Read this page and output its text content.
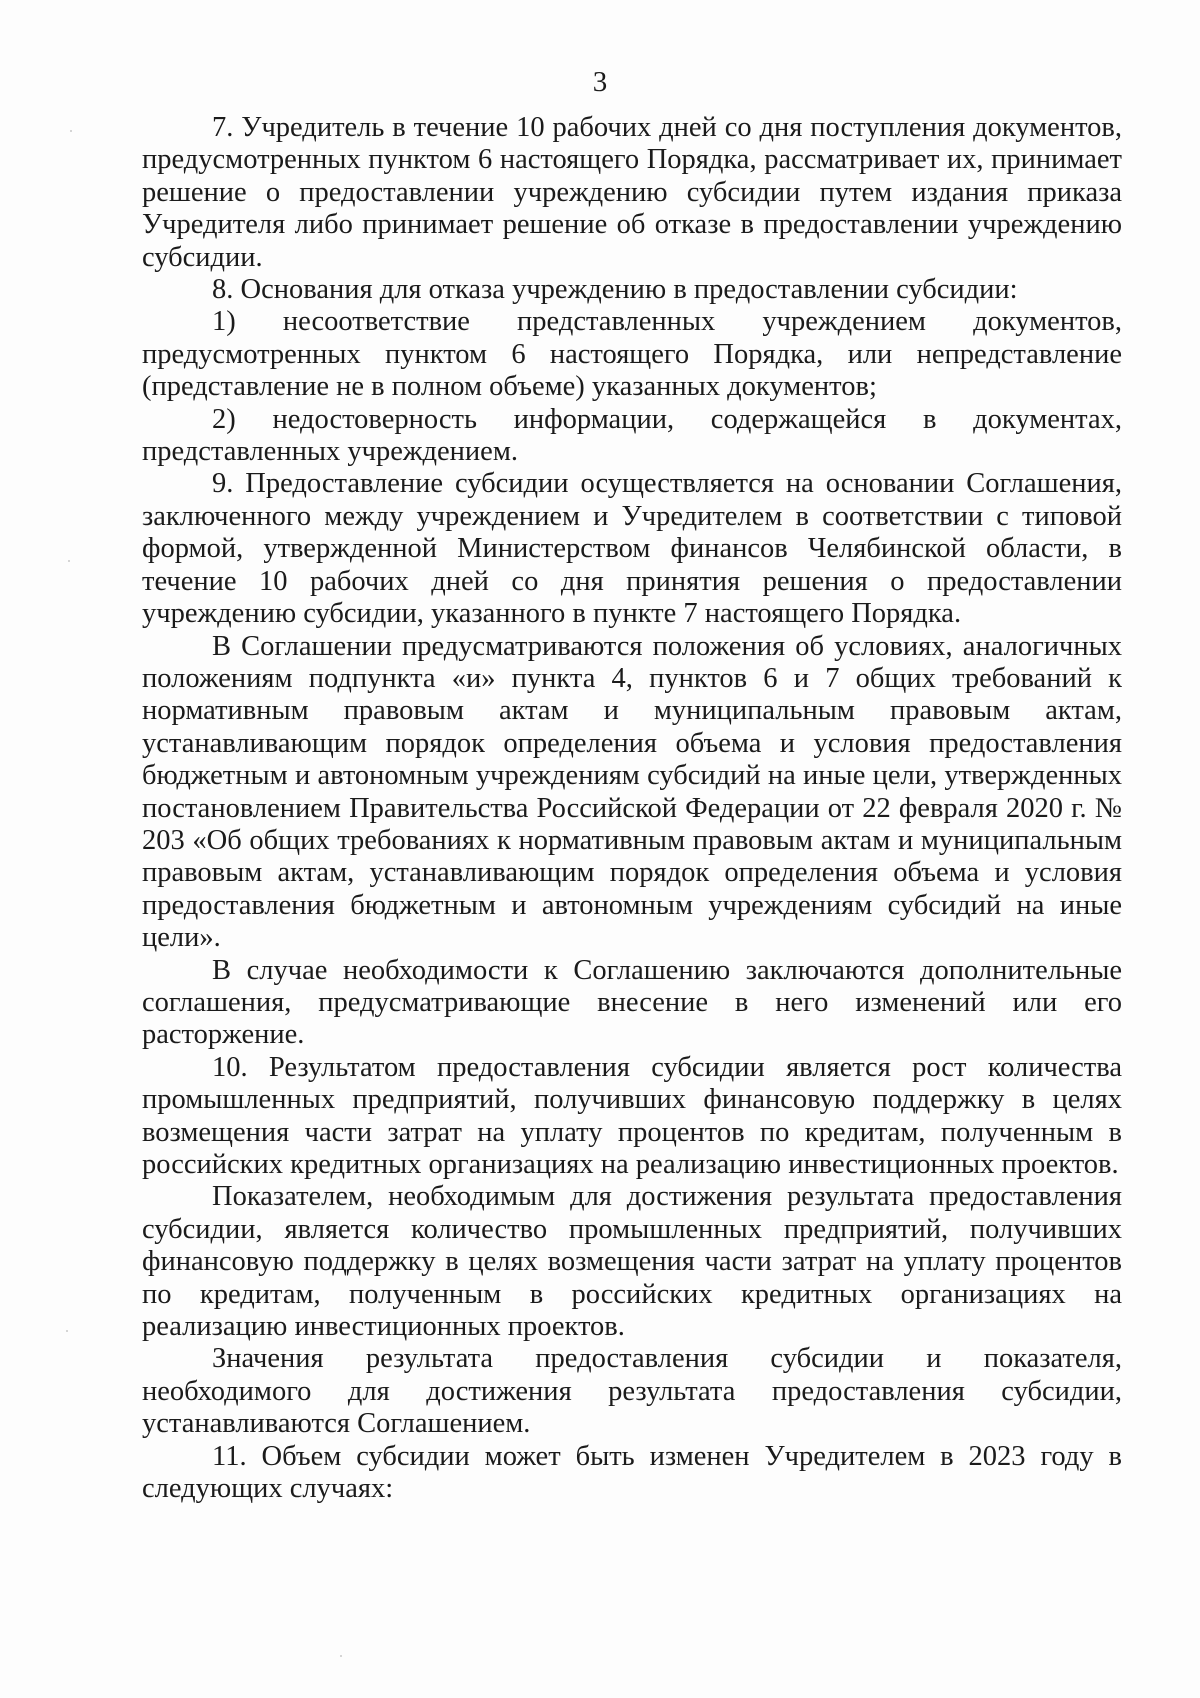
3

7. Учредитель в течение 10 рабочих дней со дня поступления документов, предусмотренных пунктом 6 настоящего Порядка, рассматривает их, принимает решение о предоставлении учреждению субсидии путем издания приказа Учредителя либо принимает решение об отказе в предоставлении учреждению субсидии.

8. Основания для отказа учреждению в предоставлении субсидии:

1) несоответствие представленных учреждением документов, предусмотренных пунктом 6 настоящего Порядка, или непредставление (представление не в полном объеме) указанных документов;

2) недостоверность информации, содержащейся в документах, представленных учреждением.

9. Предоставление субсидии осуществляется на основании Соглашения, заключенного между учреждением и Учредителем в соответствии с типовой формой, утвержденной Министерством финансов Челябинской области, в течение 10 рабочих дней со дня принятия решения о предоставлении учреждению субсидии, указанного в пункте 7 настоящего Порядка.

В Соглашении предусматриваются положения об условиях, аналогичных положениям подпункта «и» пункта 4, пунктов 6 и 7 общих требований к нормативным правовым актам и муниципальным правовым актам, устанавливающим порядок определения объема и условия предоставления бюджетным и автономным учреждениям субсидий на иные цели, утвержденных постановлением Правительства Российской Федерации от 22 февраля 2020 г. № 203 «Об общих требованиях к нормативным правовым актам и муниципальным правовым актам, устанавливающим порядок определения объема и условия предоставления бюджетным и автономным учреждениям субсидий на иные цели».

В случае необходимости к Соглашению заключаются дополнительные соглашения, предусматривающие внесение в него изменений или его расторжение.

10. Результатом предоставления субсидии является рост количества промышленных предприятий, получивших финансовую поддержку в целях возмещения части затрат на уплату процентов по кредитам, полученным в российских кредитных организациях на реализацию инвестиционных проектов.

Показателем, необходимым для достижения результата предоставления субсидии, является количество промышленных предприятий, получивших финансовую поддержку в целях возмещения части затрат на уплату процентов по кредитам, полученным в российских кредитных организациях на реализацию инвестиционных проектов.

Значения результата предоставления субсидии и показателя, необходимого для достижения результата предоставления субсидии, устанавливаются Соглашением.

11. Объем субсидии может быть изменен Учредителем в 2023 году в следующих случаях:
